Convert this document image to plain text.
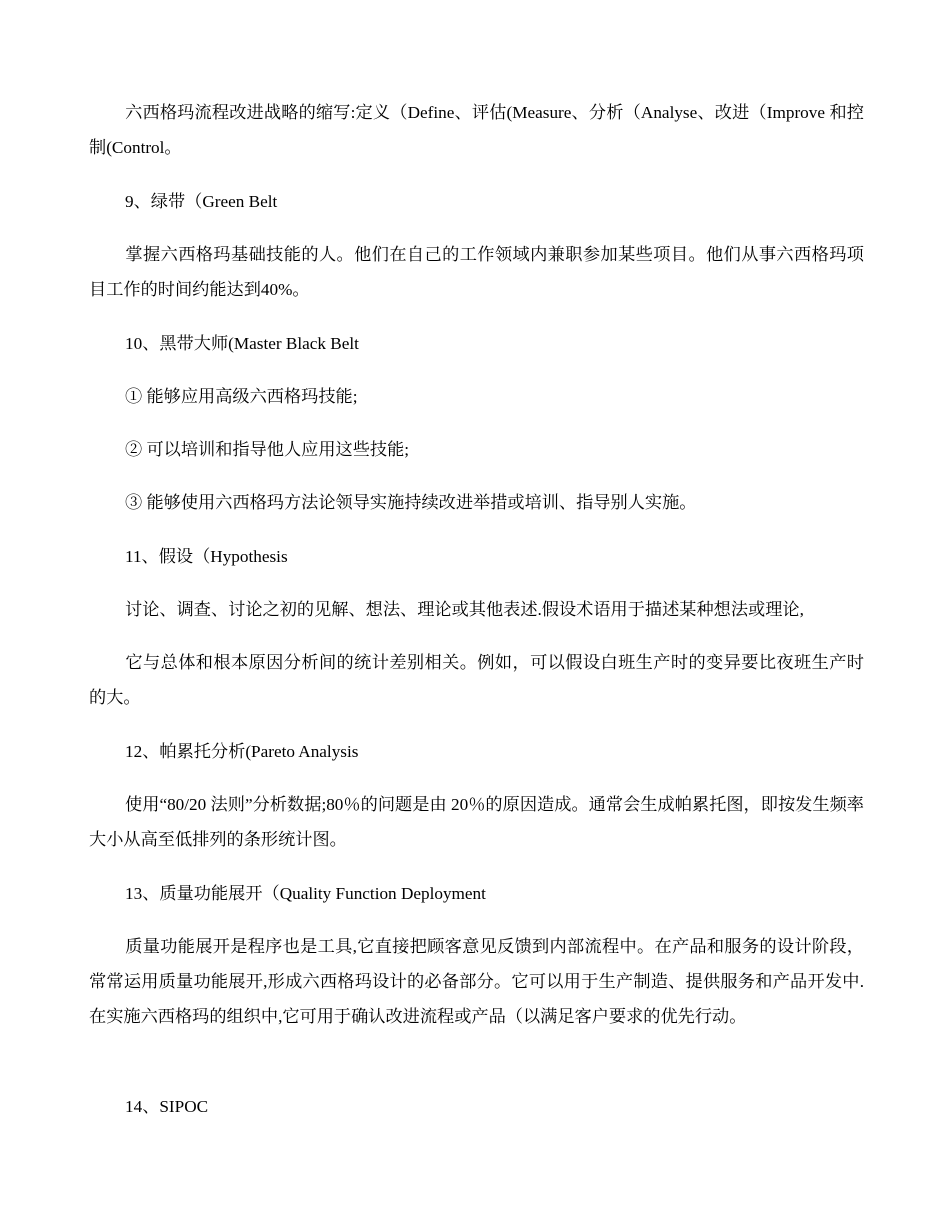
六西格玛流程改进战略的缩写:定义（Define、评估(Measure、分析（Analyse、改进（Improve 和控制(Control。

9、绿带（Green Belt

掌握六西格玛基础技能的人。他们在自己的工作领域内兼职参加某些项目。他们从事六西格玛项目工作的时间约能达到40%。

10、黑带大师(Master Black Belt

① 能够应用高级六西格玛技能;

② 可以培训和指导他人应用这些技能;

③ 能够使用六西格玛方法论领导实施持续改进举措或培训、指导别人实施。

11、假设（Hypothesis

讨论、调查、讨论之初的见解、想法、理论或其他表述.假设术语用于描述某种想法或理论,

它与总体和根本原因分析间的统计差别相关。例如，可以假设白班生产时的变异要比夜班生产时的大。

12、帕累托分析(Pareto Analysis

使用“80/20 法则”分析数据;80％的问题是由 20％的原因造成。通常会生成帕累托图，即按发生频率大小从高至低排列的条形统计图。

13、质量功能展开（Quality Function Deployment

质量功能展开是程序也是工具,它直接把顾客意见反馈到内部流程中。在产品和服务的设计阶段，常常运用质量功能展开,形成六西格玛设计的必备部分。它可以用于生产制造、提供服务和产品开发中.在实施六西格玛的组织中,它可用于确认改进流程或产品（以满足客户要求的优先行动。

14、SIPOC
